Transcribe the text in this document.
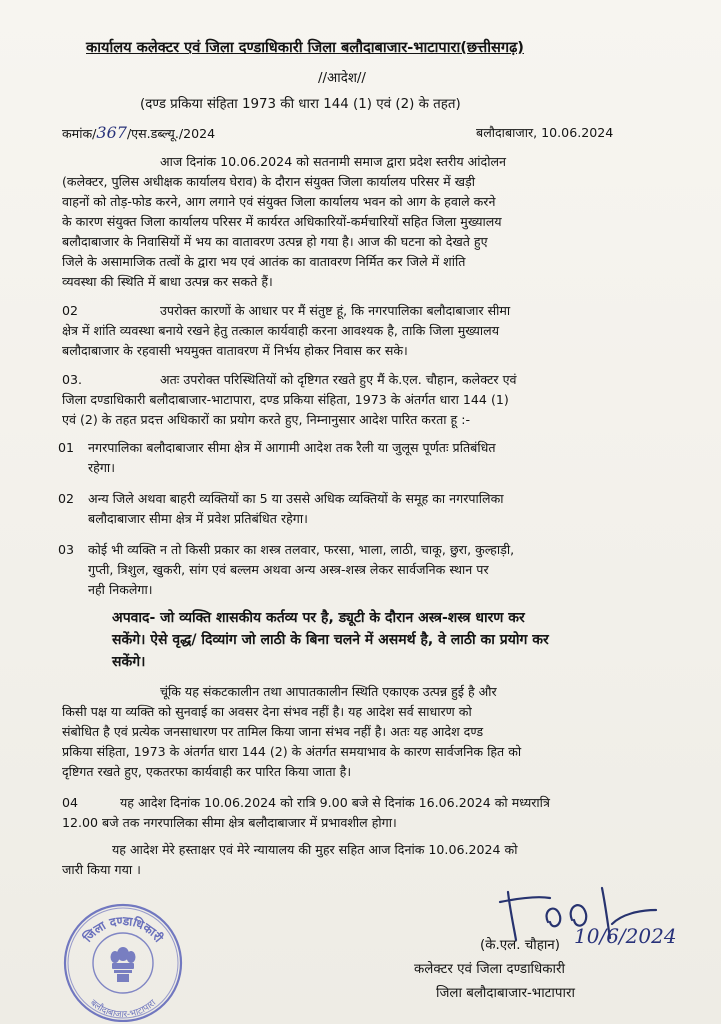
कार्यालय कलेक्टर एवं जिला दण्डाधिकारी जिला बलौदाबाजार-भाटापारा(छत्तीसगढ़)
//आदेश//
(दण्ड प्रकिया संहिता 1973 की धारा 144 (1) एवं (2) के तहत)
कमांक/367/एस.डब्ल्यू./2024	बलौदाबाजार, 10.06.2024
आज दिनांक 10.06.2024 को सतनामी समाज द्वारा प्रदेश स्तरीय आंदोलन
(कलेक्टर, पुलिस अधीक्षक कार्यालय घेराव) के दौरान संयुक्त जिला कार्यालय परिसर में खड़ी
वाहनों को तोड़-फोड करने, आग लगाने एवं संयुक्त जिला कार्यालय भवन को आग के हवाले करने
के कारण संयुक्त जिला कार्यालय परिसर में कार्यरत अधिकारियों-कर्मचारियों सहित जिला मुख्यालय
बलौदाबाजार के निवासियों में भय का वातावरण उत्पन्न हो गया है। आज की घटना को देखते हुए
जिले के असामाजिक तत्वों के द्वारा भय एवं आतंक का वातावरण निर्मित कर जिले में शांति
व्यवस्था की स्थिति में बाधा उत्पन्न कर सकते हैं।
02	उपरोक्त कारणों के आधार पर मैं संतुष्ट हूं, कि नगरपालिका बलौदाबाजार सीमा
क्षेत्र में शांति व्यवस्था बनाये रखने हेतु तत्काल कार्यवाही करना आवश्यक है, ताकि जिला मुख्यालय
बलौदाबाजार के रहवासी भयमुक्त वातावरण में निर्भय होकर निवास कर सके।
03.	अतः उपरोक्त परिस्थितियों को दृष्टिगत रखते हुए मैं के.एल. चौहान, कलेक्टर एवं
जिला दण्डाधिकारी बलौदाबाजार-भाटापारा, दण्ड प्रकिया संहिता, 1973 के अंतर्गत धारा 144 (1)
एवं (2) के तहत प्रदत्त अधिकारों का प्रयोग करते हुए, निम्नानुसार आदेश पारित करता हू :-
01 नगरपालिका बलौदाबाजार सीमा क्षेत्र में आगामी आदेश तक रैली या जुलूस पूर्णतः प्रतिबंधित
रहेगा।
02 अन्य जिले अथवा बाहरी व्यक्तियों का 5 या उससे अधिक व्यक्तियों के समूह का नगरपालिका
बलौदाबाजार सीमा क्षेत्र में प्रवेश प्रतिबंधित रहेगा।
03 कोई भी व्यक्ति न तो किसी प्रकार का शस्त्र तलवार, फरसा, भाला, लाठी, चाकू, छुरा, कुल्हाड़ी,
गुप्ती, त्रिशुल, खुकरी, सांग एवं बल्लम अथवा अन्य अस्त्र-शस्त्र लेकर सार्वजनिक स्थान पर
नही निकलेगा।
अपवाद- जो व्यक्ति शासकीय कर्तव्य पर है, ड्यूटी के दौरान अस्त्र-शस्त्र धारण कर
सकेंगे। ऐसे वृद्ध/ दिव्यांग जो लाठी के बिना चलने में असमर्थ है, वे लाठी का प्रयोग कर
सकेंगे।
चूंकि यह संकटकालीन तथा आपातकालीन स्थिति एकाएक उत्पन्न हुई है और
किसी पक्ष या व्यक्ति को सुनवाई का अवसर देना संभव नहीं है। यह आदेश सर्व साधारण को
संबोधित है एवं प्रत्येक जनसाधारण पर तामिल किया जाना संभव नहीं है। अतः यह आदेश दण्ड
प्रकिया संहिता, 1973 के अंतर्गत धारा 144 (2) के अंतर्गत समयाभाव के कारण सार्वजनिक हित को
दृष्टिगत रखते हुए, एकतरफा कार्यवाही कर पारित किया जाता है।
04	यह आदेश दिनांक 10.06.2024 को रात्रि 9.00 बजे से दिनांक 16.06.2024 को मध्यरात्रि
12.00 बजे तक नगरपालिका सीमा क्षेत्र बलौदाबाजार में प्रभावशील होगा।
यह आदेश मेरे हस्ताक्षर एवं मेरे न्यायालय की मुहर सहित आज दिनांक 10.06.2024 को
जारी किया गया ।
जिला दण्डाधिकारी
बलौदाबाजार-भाटापारा
10/6/2024
(के.एल. चौहान)
कलेक्टर एवं जिला दण्डाधिकारी
जिला बलौदाबाजार-भाटापारा
